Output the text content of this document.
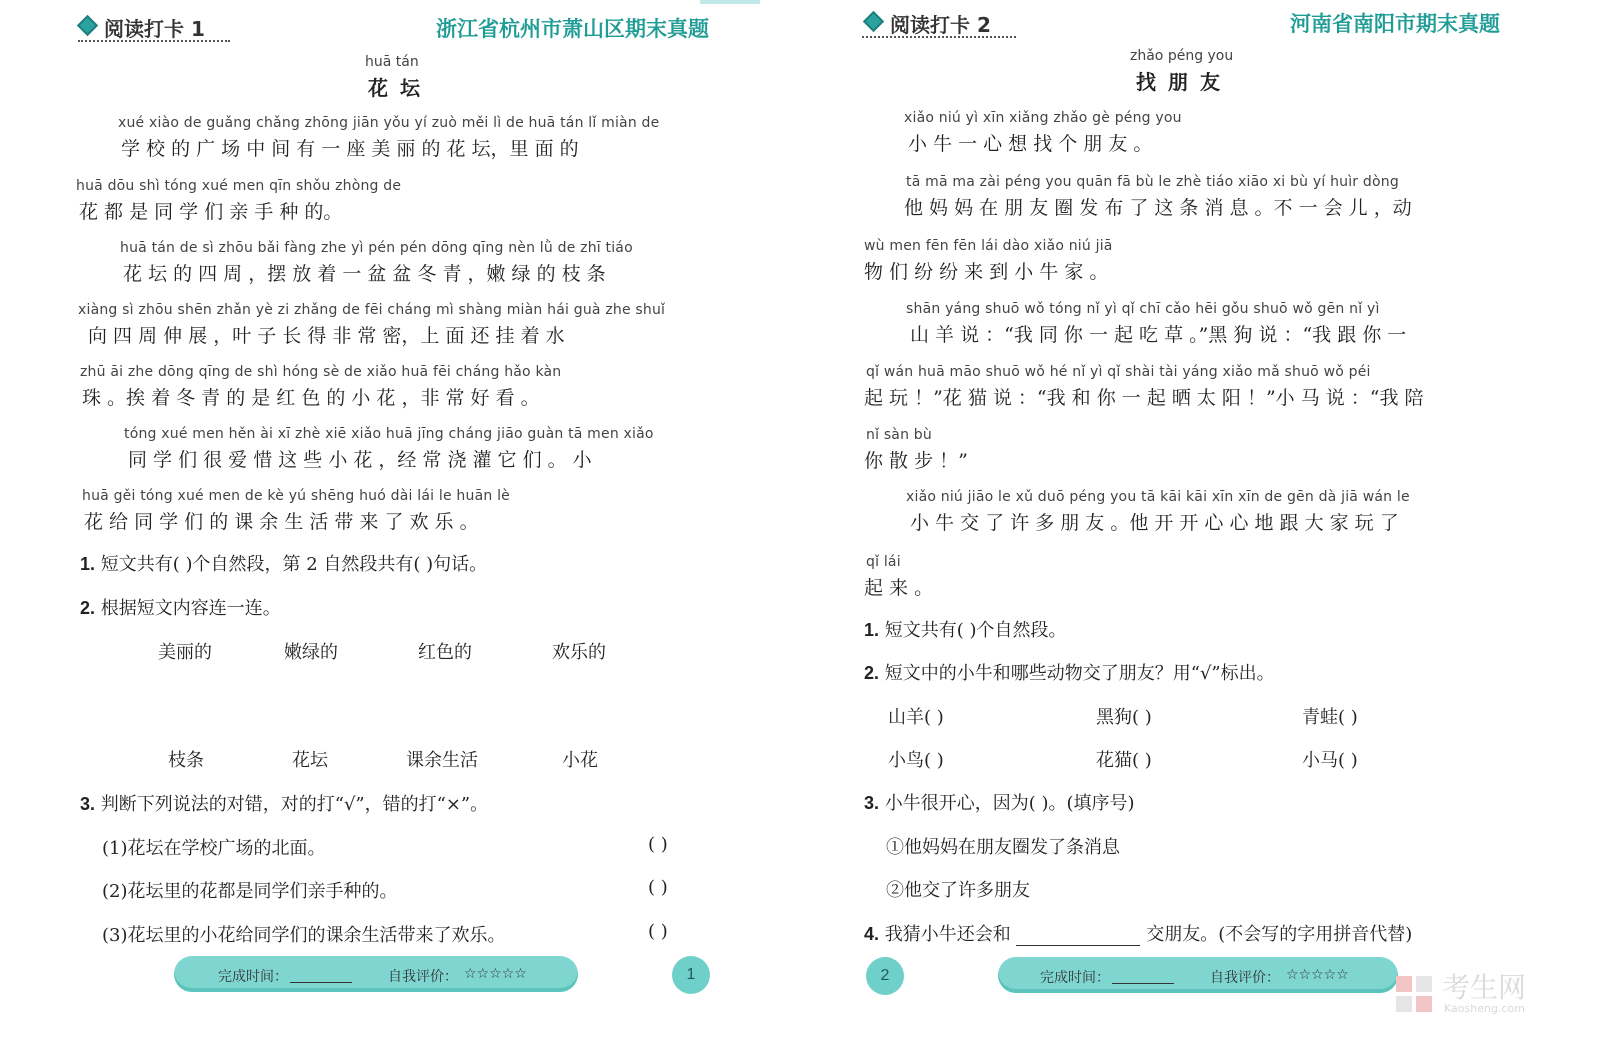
阅读打卡 1	浙江省杭州市萧山区期末真题
huā tán
花坛
xué xiào de guǎng chǎng zhōng jiān yǒu yí zuò měi lì de huā tán lǐ miàn de
学 校 的 广 场 中 间 有 一 座 美 丽 的 花 坛，里 面 的
huā dōu shì tóng xué men qīn shǒu zhòng de
花 都 是 同 学 们 亲 手 种 的。
huā tán de sì zhōu bǎi fàng zhe yì pén pén dōng qīng nèn lǜ de zhī tiáo
花 坛 的 四 周 ，摆 放 着 一 盆 盆 冬 青 ，嫩 绿 的 枝 条
xiàng sì zhōu shēn zhǎn yè zi zhǎng de fēi cháng mì shàng miàn hái guà zhe shuǐ
向 四 周 伸 展 ，叶 子 长 得 非 常 密，上 面 还 挂 着 水
zhū āi zhe dōng qīng de shì hóng sè de xiǎo huā fēi cháng hǎo kàn
珠 。挨 着 冬 青 的 是 红 色 的 小 花 ，非 常 好 看 。
tóng xué men hěn ài xī zhè xiē xiǎo huā jīng cháng jiāo guàn tā men xiǎo
同 学 们 很 爱 惜 这 些 小 花 ，经 常 浇 灌 它 们 。 小
huā gěi tóng xué men de kè yú shēng huó dài lái le huān lè
花 给 同 学 们 的 课 余 生 活 带 来 了 欢 乐 。
1. 短文共有( )个自然段，第 2 自然段共有( )句话。
2. 根据短文内容连一连。
美丽的	嫩绿的	红色的	欢乐的
枝条	花坛	课余生活	小花
3. 判断下列说法的对错，对的打“√”，错的打“×”。
(1)花坛在学校广场的北面。	( )
(2)花坛里的花都是同学们亲手种的。	( )
(3)花坛里的小花给同学们的课余生活带来了欢乐。	( )
完成时间：	自我评价： ☆☆☆☆☆	1
阅读打卡 2	河南省南阳市期末真题
zhǎo péng you
找朋友
xiǎo niú yì xīn xiǎng zhǎo gè péng you
小 牛 一 心 想 找 个 朋 友 。
tā mā ma zài péng you quān fā bù le zhè tiáo xiāo xi bù yí huìr dòng
他 妈 妈 在 朋 友 圈 发 布 了 这 条 消 息 。不 一 会 儿 ，动
wù men fēn fēn lái dào xiǎo niú jiā
物 们 纷 纷 来 到 小 牛 家 。
shān yáng shuō wǒ tóng nǐ yì qǐ chī cǎo hēi gǒu shuō wǒ gēn nǐ yì
山 羊 说 ：“我 同 你 一 起 吃 草 。”黑 狗 说 ：“我 跟 你 一
qǐ wán huā māo shuō wǒ hé nǐ yì qǐ shài tài yáng xiǎo mǎ shuō wǒ péi
起 玩 ！”花 猫 说 ：“我 和 你 一 起 晒 太 阳 ！”小 马 说 ：“我 陪
nǐ sàn bù
你 散 步 ！”
xiǎo niú jiāo le xǔ duō péng you tā kāi kāi xīn xīn de gēn dà jiā wán le
小 牛 交 了 许 多 朋 友 。他 开 开 心 心 地 跟 大 家 玩 了
qǐ lái
起 来 。
1. 短文共有( )个自然段。
2. 短文中的小牛和哪些动物交了朋友？用“√”标出。
山羊( )	黑狗( )	青蛙( )
小鸟( )	花猫( )	小马( )
3. 小牛很开心，因为( )。(填序号)
①他妈妈在朋友圈发了条消息
②他交了许多朋友
4. 我猜小牛还会和	交朋友。(不会写的字用拼音代替)
2	完成时间：	自我评价： ☆☆☆☆☆	考生网
Kaosheng.com
